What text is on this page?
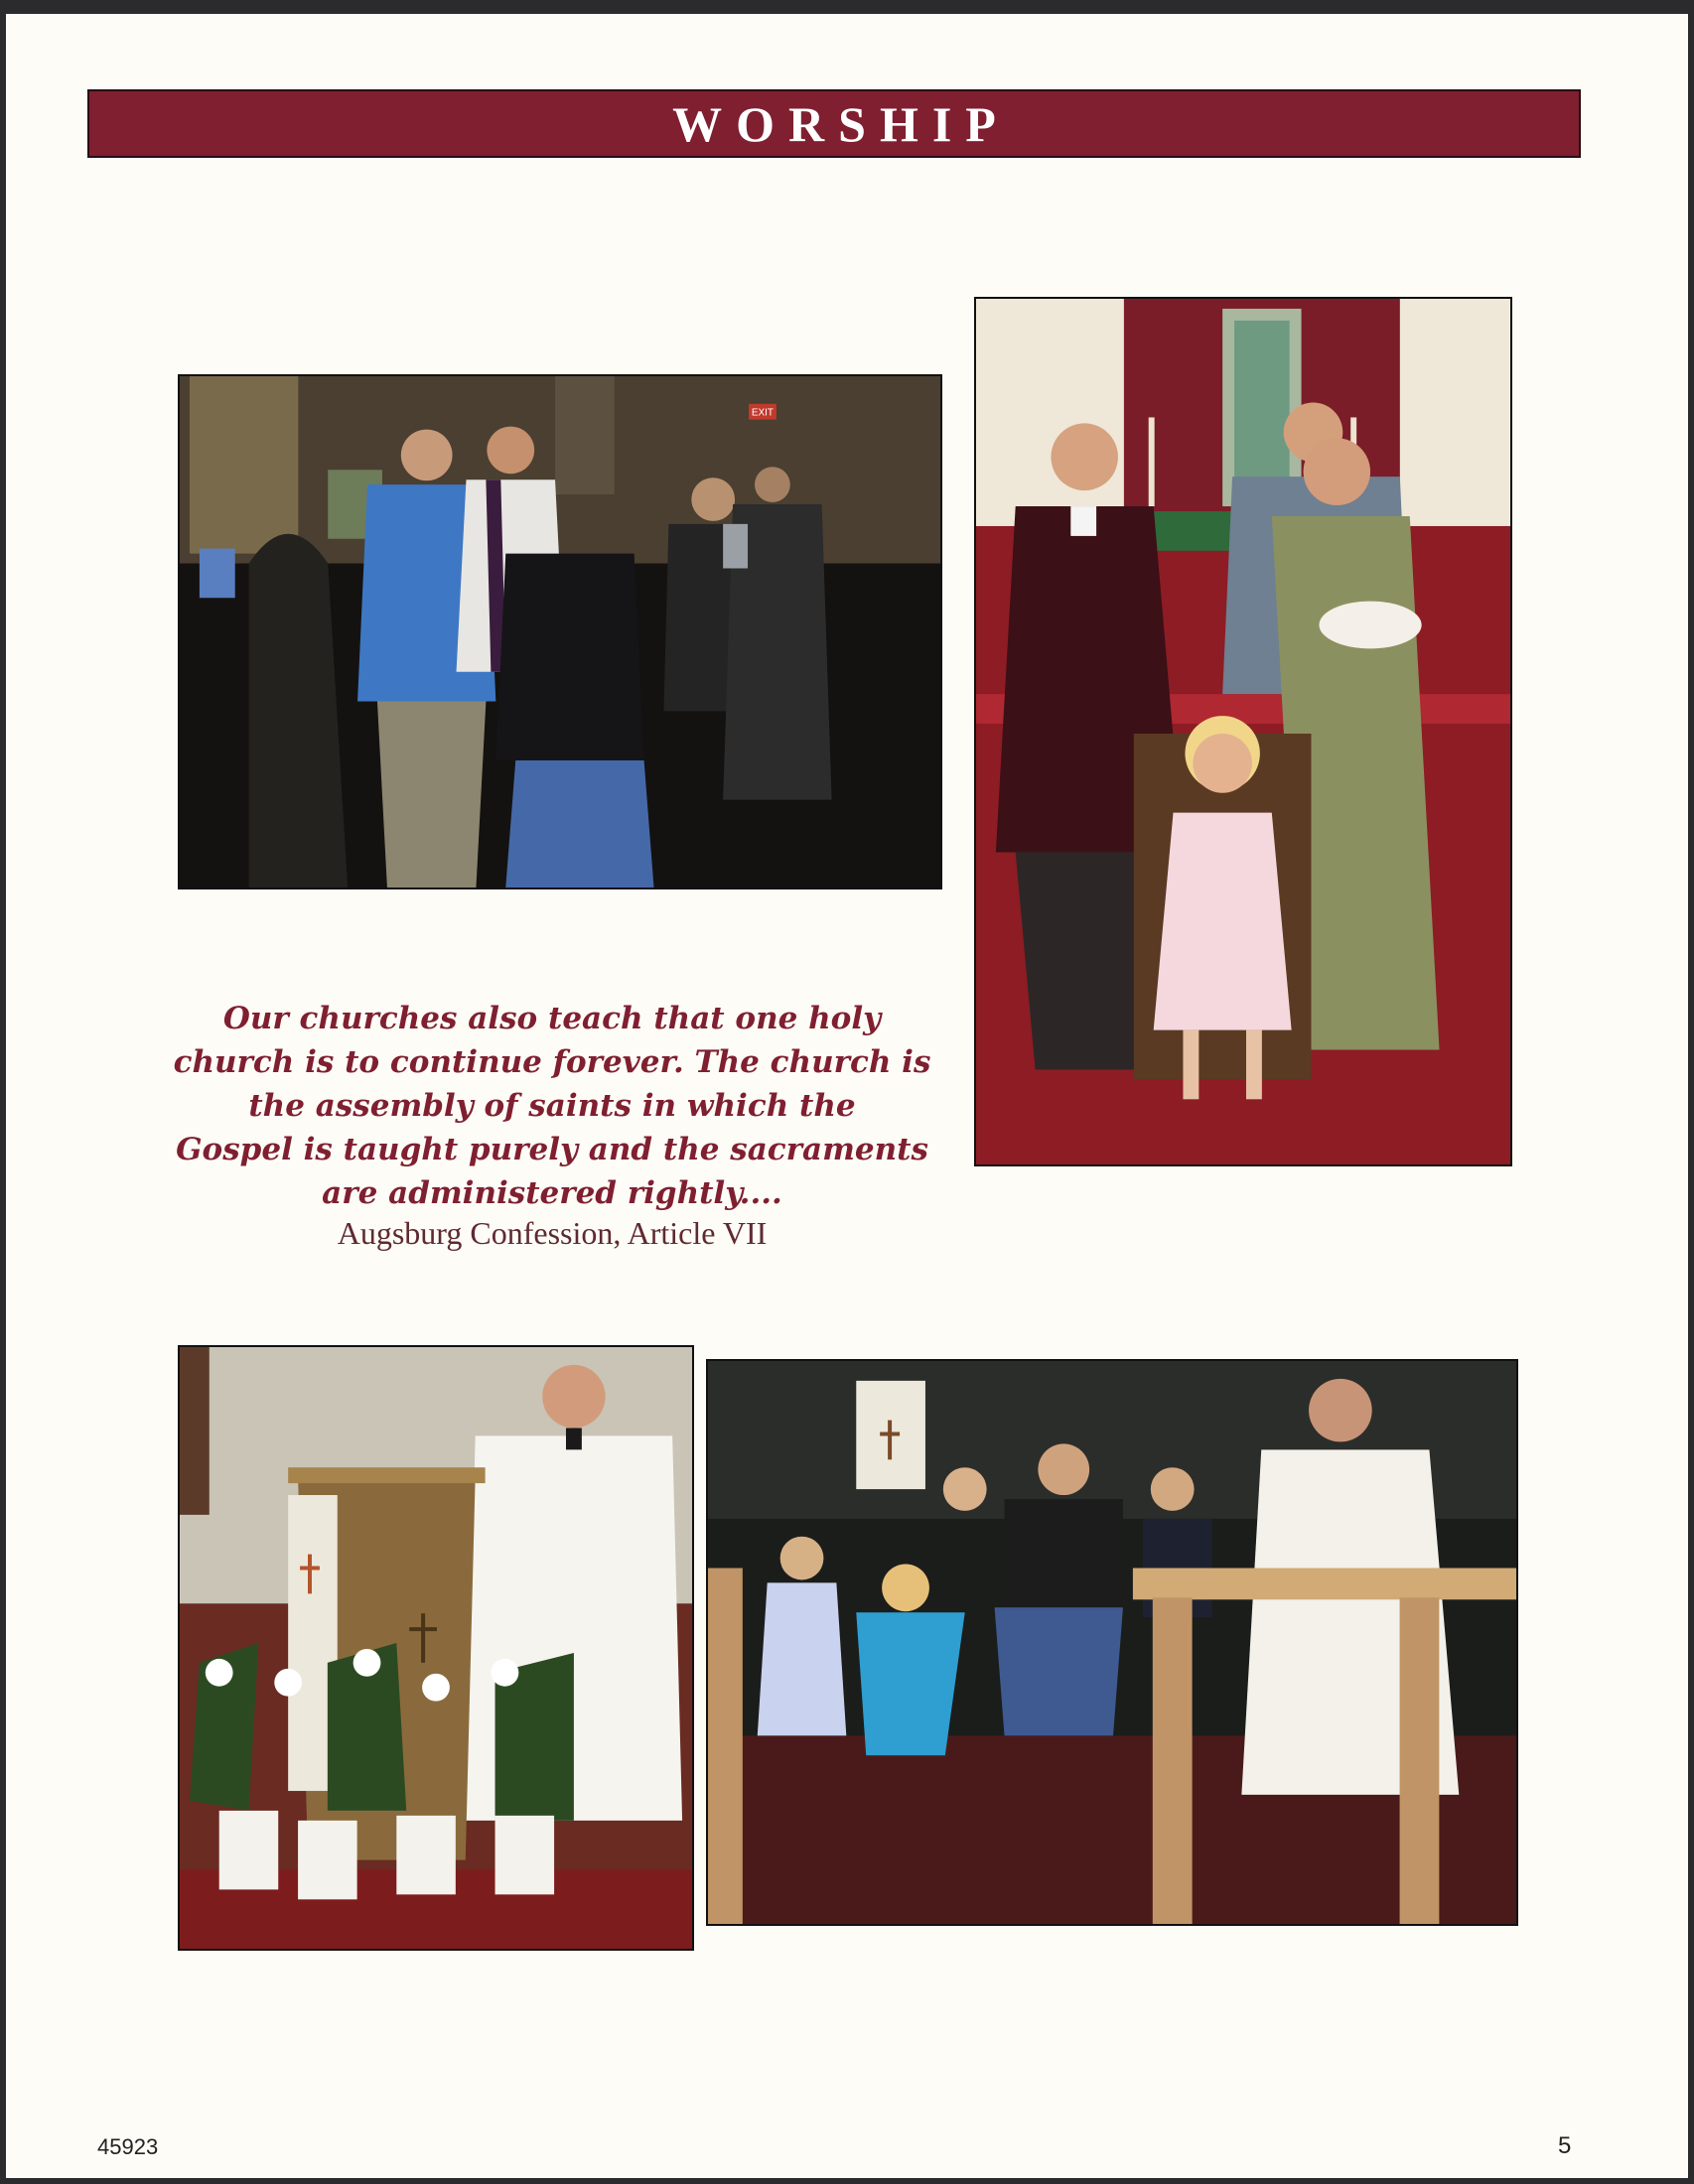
WORSHIP
EXIT
Our churches also teach that one holy
church is to continue forever. The church is
the assembly of saints in which the
Gospel is taught purely and the sacraments
are administered rightly....
Augsburg Confession, Article VII
45923	5
